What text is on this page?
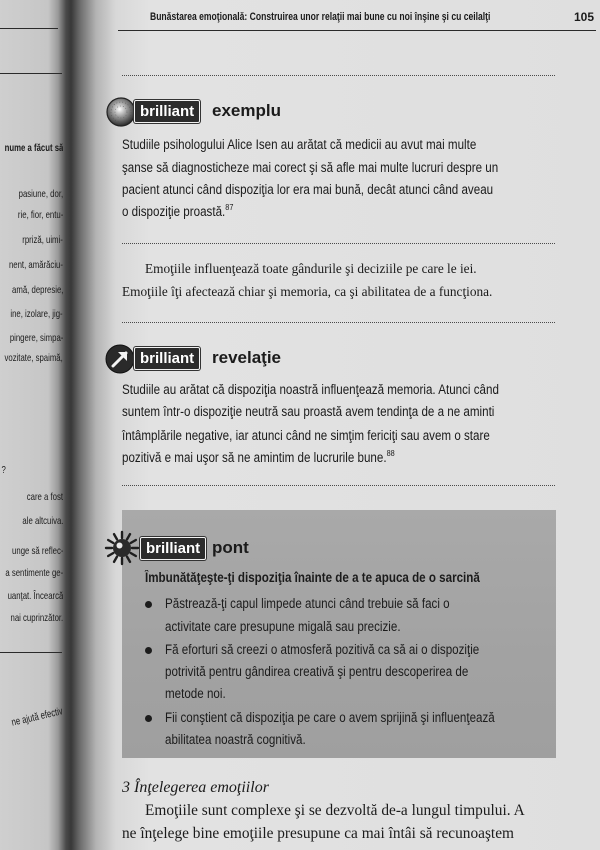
Bunăstarea emoţională: Construirea unor relaţii mai bune cu noi înşine şi cu ceilalţi	105
nume a făcut să
pasiune, dor,
rie, fior, entu-
rpriză, uimi-
nent, amărăciu-
amă, depresie,
ine, izolare, jig-
pingere, simpa-
vozitate, spaimă,
?
care a fost
ale altcuiva.
unge să reflec-
a sentimente ge-
uanţat. Încearcă
nai cuprinzător.
ne ajută efectiv
brilliant	exemplu
Studiile psihologului Alice Isen au arătat că medicii au avut mai multe
şanse să diagnosticheze mai corect şi să afle mai multe lucruri despre un
pacient atunci când dispoziţia lor era mai bună, decât atunci când aveau
o dispoziţie proastă.$^{87}$
Emoţiile influenţează toate gândurile şi deciziile pe care le iei.
Emoţiile îţi afectează chiar şi memoria, ca şi abilitatea de a funcţiona.
brilliant	revelaţie
Studiile au arătat că dispoziţia noastră influenţează memoria. Atunci când
suntem într-o dispoziţie neutră sau proastă avem tendinţa de a ne aminti
întâmplările negative, iar atunci când ne simţim fericiţi sau avem o stare
pozitivă e mai uşor să ne amintim de lucrurile bune.$^{88}$
brilliant pont
Îmbunătăţeşte-ţi dispoziţia înainte de a te apuca de o sarcină
Păstrează-ţi capul limpede atunci când trebuie să faci o
activitate care presupune migală sau precizie.
Fă eforturi să creezi o atmosferă pozitivă ca să ai o dispoziţie
potrivită pentru gândirea creativă şi pentru descoperirea de
metode noi.
Fii conştient că dispoziţia pe care o avem sprijină şi influenţează
abilitatea noastră cognitivă.
3 Înţelegerea emoţiilor
Emoţiile sunt complexe şi se dezvoltă de-a lungul timpului. A
ne înţelege bine emoţiile presupune ca mai întâi să recunoaştem
